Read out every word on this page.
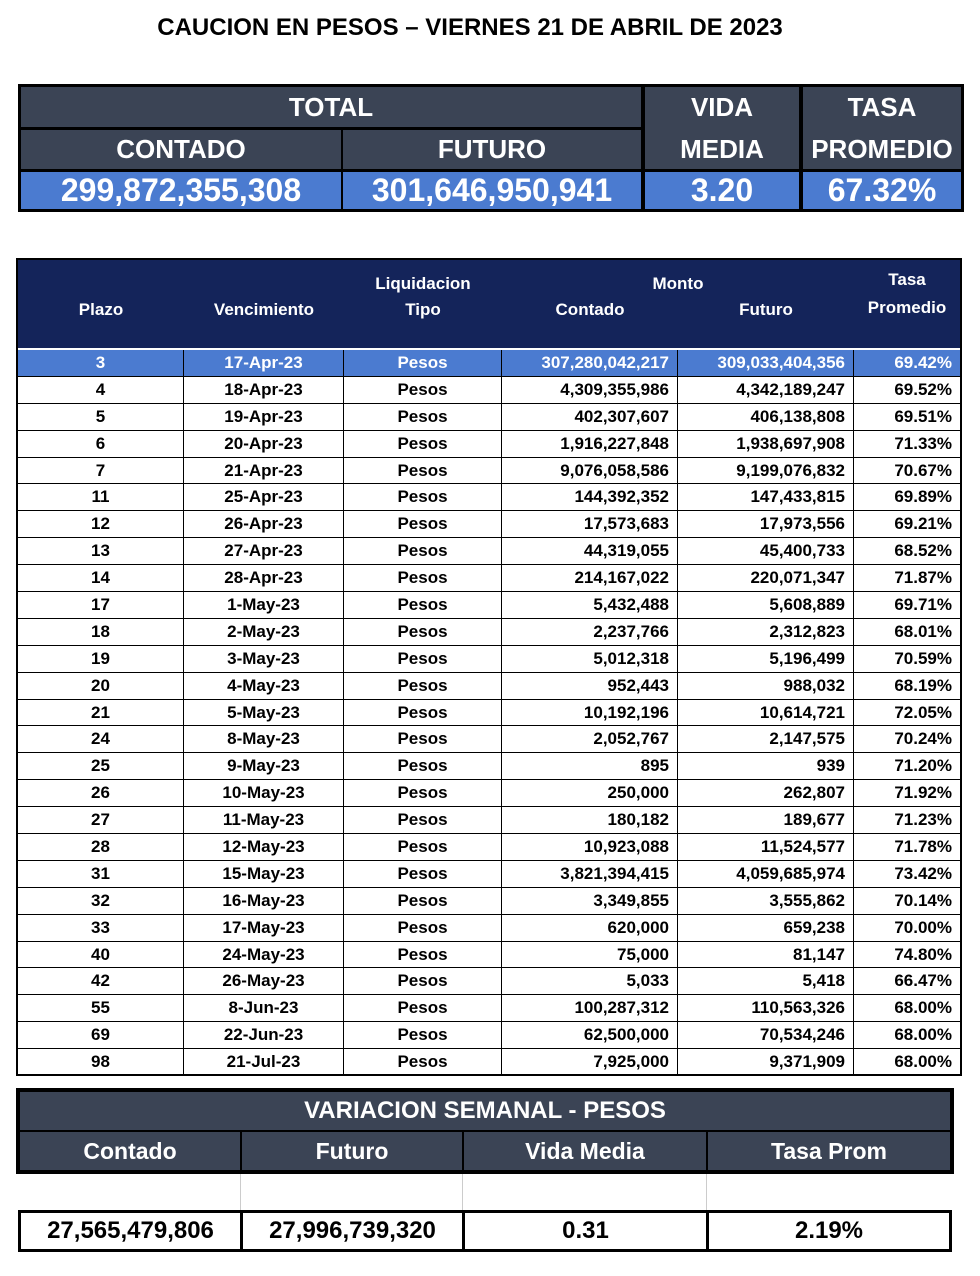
CAUCION EN PESOS – VIERNES 21 DE ABRIL DE 2023
TOTAL
CONTADO	FUTURO
VIDA
MEDIA
TASA
PROMEDIO
299,872,355,308	301,646,950,941	3.20	67.32%
Plazo	Vencimiento
Liquidacion
Tipo
Monto
Contado	Futuro
Tasa
Promedio
3	17-Apr-23	Pesos	307,280,042,217	309,033,404,356	69.42%
4	18-Apr-23	Pesos	4,309,355,986	4,342,189,247	69.52%
5	19-Apr-23	Pesos	402,307,607	406,138,808	69.51%
6	20-Apr-23	Pesos	1,916,227,848	1,938,697,908	71.33%
7	21-Apr-23	Pesos	9,076,058,586	9,199,076,832	70.67%
11	25-Apr-23	Pesos	144,392,352	147,433,815	69.89%
12	26-Apr-23	Pesos	17,573,683	17,973,556	69.21%
13	27-Apr-23	Pesos	44,319,055	45,400,733	68.52%
14	28-Apr-23	Pesos	214,167,022	220,071,347	71.87%
17	1-May-23	Pesos	5,432,488	5,608,889	69.71%
18	2-May-23	Pesos	2,237,766	2,312,823	68.01%
19	3-May-23	Pesos	5,012,318	5,196,499	70.59%
20	4-May-23	Pesos	952,443	988,032	68.19%
21	5-May-23	Pesos	10,192,196	10,614,721	72.05%
24	8-May-23	Pesos	2,052,767	2,147,575	70.24%
25	9-May-23	Pesos	895	939	71.20%
26	10-May-23	Pesos	250,000	262,807	71.92%
27	11-May-23	Pesos	180,182	189,677	71.23%
28	12-May-23	Pesos	10,923,088	11,524,577	71.78%
31	15-May-23	Pesos	3,821,394,415	4,059,685,974	73.42%
32	16-May-23	Pesos	3,349,855	3,555,862	70.14%
33	17-May-23	Pesos	620,000	659,238	70.00%
40	24-May-23	Pesos	75,000	81,147	74.80%
42	26-May-23	Pesos	5,033	5,418	66.47%
55	8-Jun-23	Pesos	100,287,312	110,563,326	68.00%
69	22-Jun-23	Pesos	62,500,000	70,534,246	68.00%
98	21-Jul-23	Pesos	7,925,000	9,371,909	68.00%
VARIACION SEMANAL - PESOS
Contado	Futuro	Vida Media	Tasa Prom
27,565,479,806	27,996,739,320	0.31	2.19%
